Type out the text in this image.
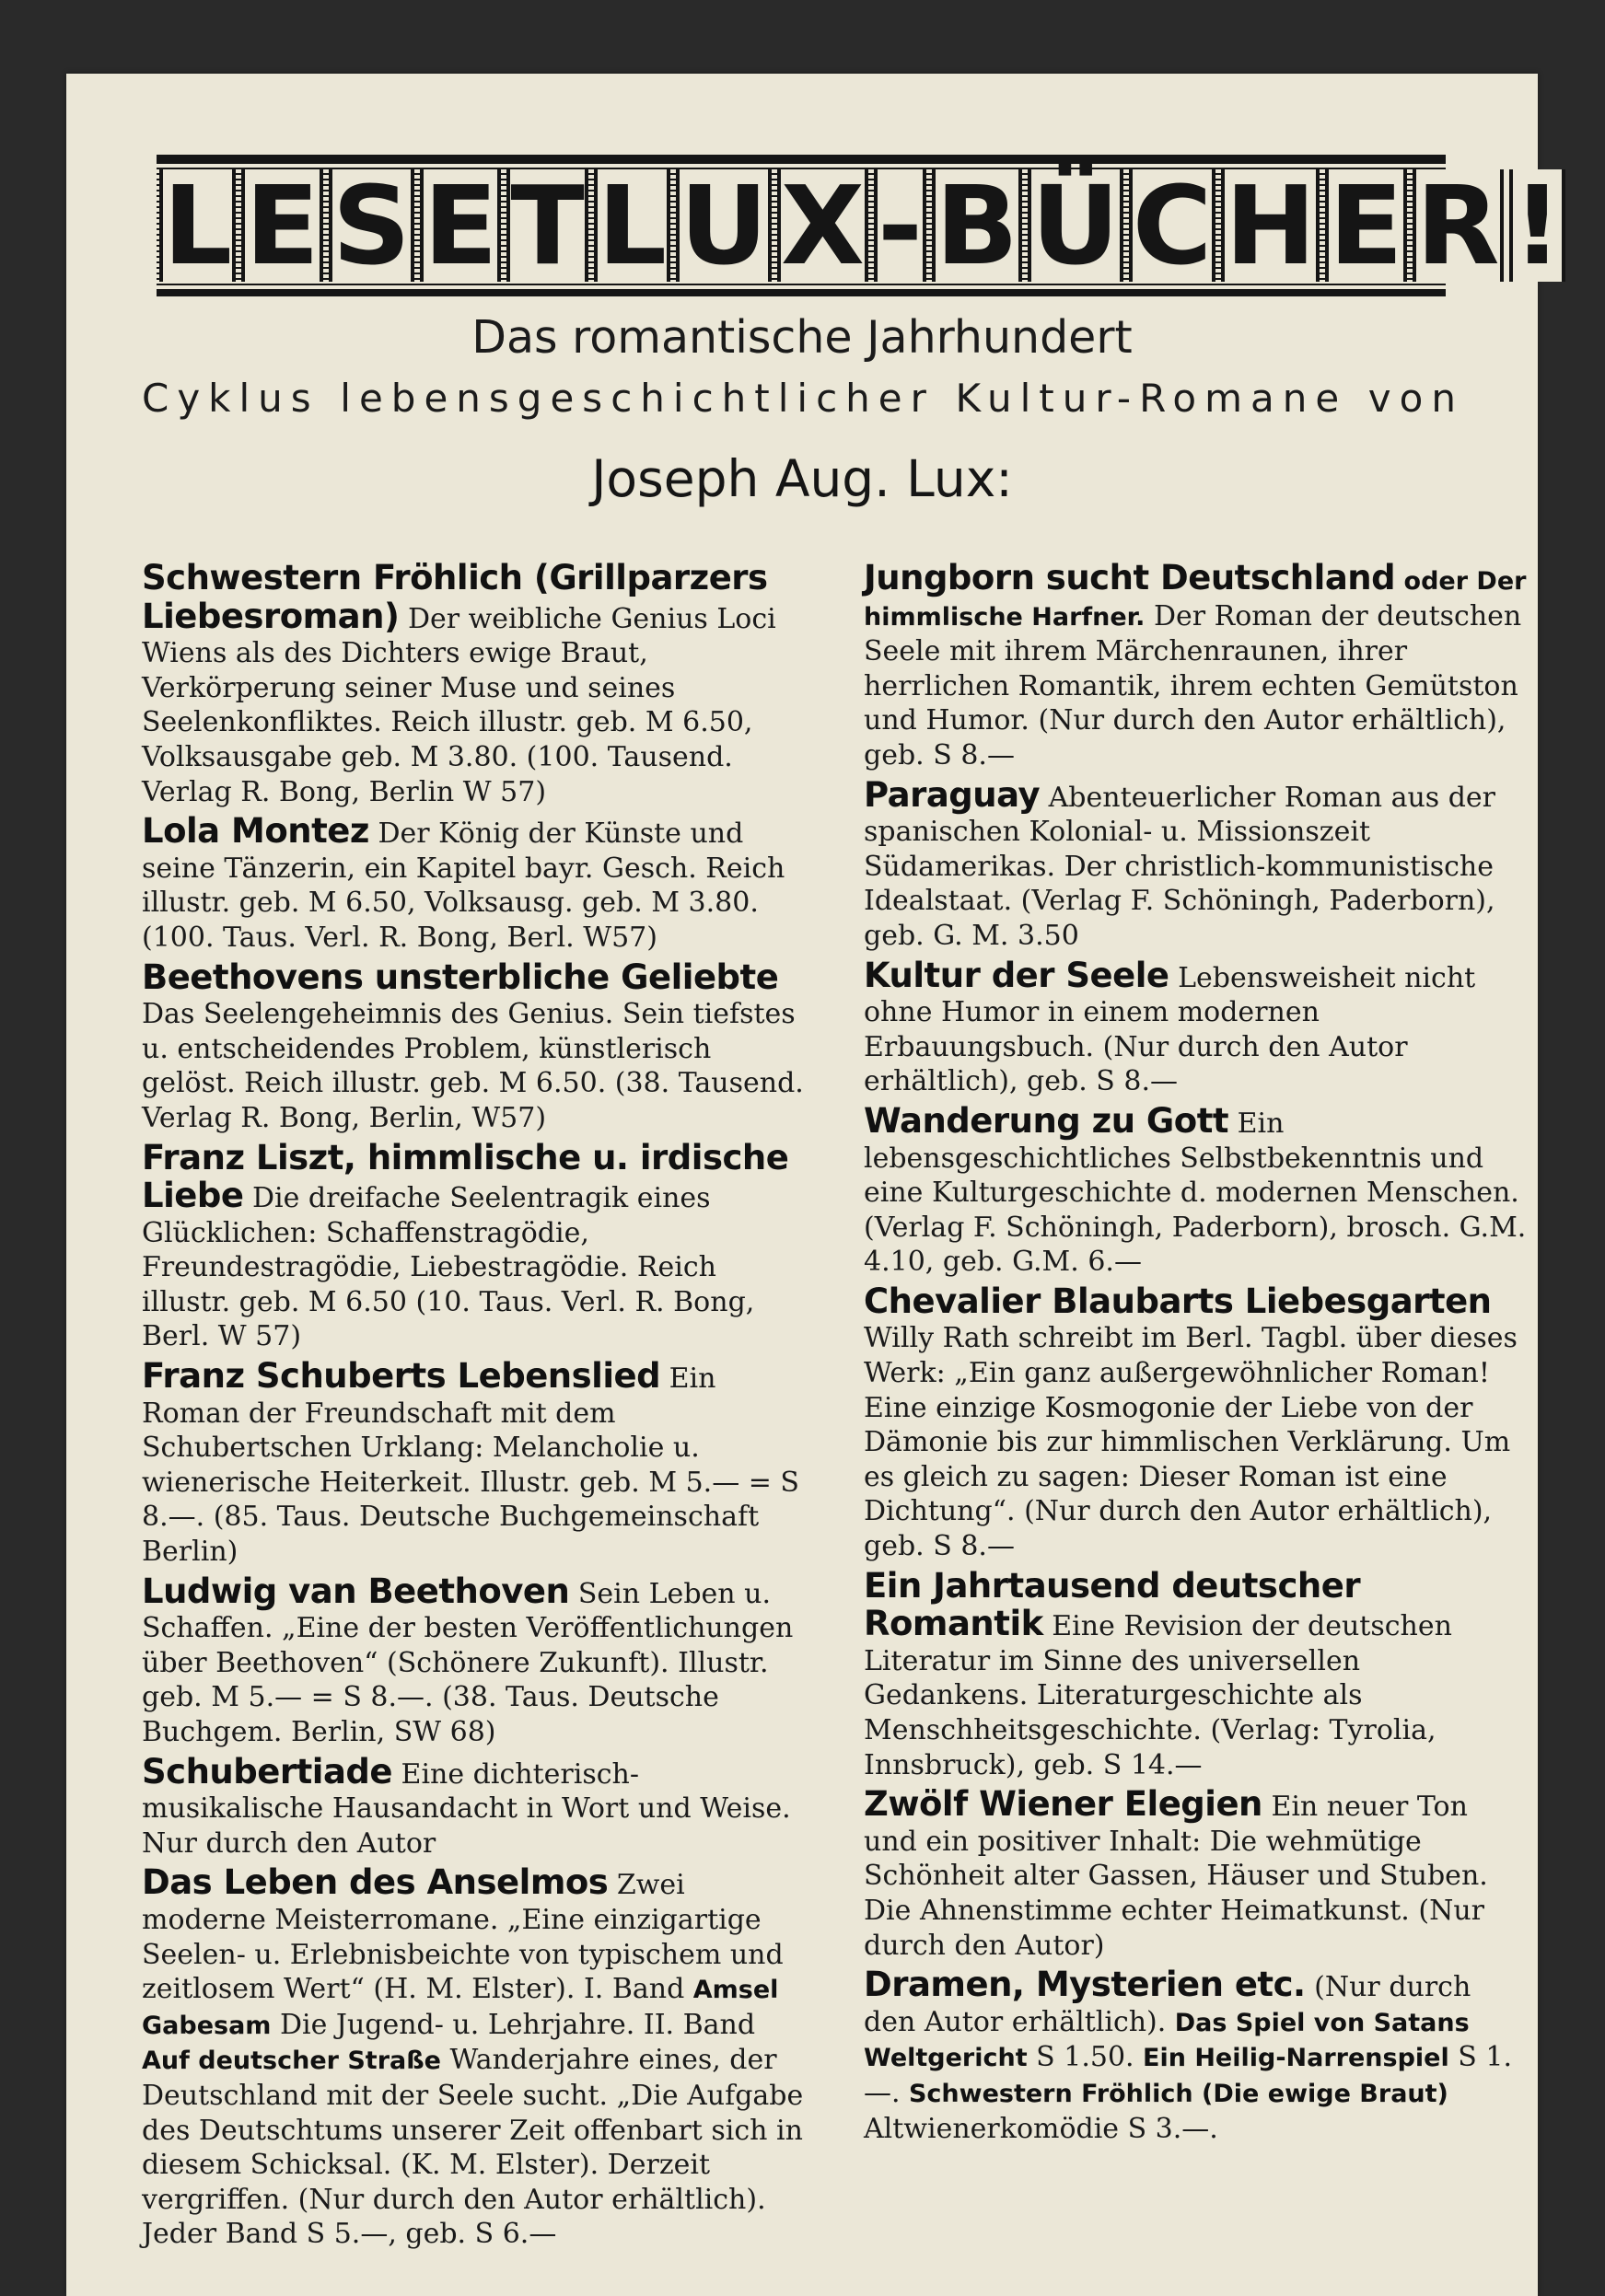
L E S E T L U X - B Ü C H E R !
Das romantische Jahrhundert
Cyklus lebensgeschichtlicher Kultur-Romane von
Joseph Aug. Lux:

Schwestern Fröhlich (Grillparzers Liebesroman) Der weibliche Genius Loci Wiens als des Dichters ewige Braut, Verkörperung seiner Muse und seines Seelenkonfliktes. Reich illustr. geb. M 6.50, Volksausgabe geb. M 3.80. (100. Tausend. Verlag R. Bong, Berlin W 57)

Lola Montez Der König der Künste und seine Tänzerin, ein Kapitel bayr. Gesch. Reich illustr. geb. M 6.50, Volksausg. geb. M 3.80. (100. Taus. Verl. R. Bong, Berl. W57)

Beethovens unsterbliche Geliebte Das Seelengeheimnis des Genius. Sein tiefstes u. entscheidendes Problem, künstlerisch gelöst. Reich illustr. geb. M 6.50. (38. Tausend. Verlag R. Bong, Berlin, W57)

Franz Liszt, himmlische u. irdische Liebe Die dreifache Seelentragik eines Glücklichen: Schaffenstragödie, Freundestragödie, Liebestragödie. Reich illustr. geb. M 6.50 (10. Taus. Verl. R. Bong, Berl. W 57)

Franz Schuberts Lebenslied Ein Roman der Freundschaft mit dem Schubertschen Urklang: Melancholie u. wienerische Heiterkeit. Illustr. geb. M 5.— = S 8.—. (85. Taus. Deutsche Buchgemeinschaft Berlin)

Ludwig van Beethoven Sein Leben u. Schaffen. „Eine der besten Veröffentlichungen über Beethoven“ (Schönere Zukunft). Illustr. geb. M 5.— = S 8.—. (38. Taus. Deutsche Buchgem. Berlin, SW 68)

Schubertiade Eine dichterisch-musikalische Hausandacht in Wort und Weise. Nur durch den Autor

Das Leben des Anselmos Zwei moderne Meisterromane. „Eine einzigartige Seelen- u. Erlebnisbeichte von typischem und zeitlosem Wert“ (H. M. Elster). I. Band Amsel Gabesam Die Jugend- u. Lehrjahre. II. Band Auf deutscher Straße Wanderjahre eines, der Deutschland mit der Seele sucht. „Die Aufgabe des Deutschtums unserer Zeit offenbart sich in diesem Schicksal. (K. M. Elster). Derzeit vergriffen. (Nur durch den Autor erhältlich). Jeder Band S 5.—, geb. S 6.—

Jungborn sucht Deutschland oder Der himmlische Harfner. Der Roman der deutschen Seele mit ihrem Märchenraunen, ihrer herrlichen Romantik, ihrem echten Gemütston und Humor. (Nur durch den Autor erhältlich), geb. S 8.—

Paraguay Abenteuerlicher Roman aus der spanischen Kolonial- u. Missionszeit Südamerikas. Der christlich-kommunistische Idealstaat. (Verlag F. Schöningh, Paderborn), geb. G. M. 3.50

Kultur der Seele Lebensweisheit nicht ohne Humor in einem modernen Erbauungsbuch. (Nur durch den Autor erhältlich), geb. S 8.—

Wanderung zu Gott Ein lebensgeschichtliches Selbstbekenntnis und eine Kulturgeschichte d. modernen Menschen. (Verlag F. Schöningh, Paderborn), brosch. G.M. 4.10, geb. G.M. 6.—

Chevalier Blaubarts Liebesgarten Willy Rath schreibt im Berl. Tagbl. über dieses Werk: „Ein ganz außergewöhnlicher Roman! Eine einzige Kosmogonie der Liebe von der Dämonie bis zur himmlischen Verklärung. Um es gleich zu sagen: Dieser Roman ist eine Dichtung“. (Nur durch den Autor erhältlich), geb. S 8.—

Ein Jahrtausend deutscher Romantik Eine Revision der deutschen Literatur im Sinne des universellen Gedankens. Literaturgeschichte als Menschheitsgeschichte. (Verlag: Tyrolia, Innsbruck), geb. S 14.—

Zwölf Wiener Elegien Ein neuer Ton und ein positiver Inhalt: Die wehmütige Schönheit alter Gassen, Häuser und Stuben. Die Ahnenstimme echter Heimatkunst. (Nur durch den Autor)

Dramen, Mysterien etc. (Nur durch den Autor erhältlich). Das Spiel von Satans Weltgericht S 1.50. Ein Heilig-Narrenspiel S 1.—. Schwestern Fröhlich (Die ewige Braut) Altwienerkomödie S 3.—.
